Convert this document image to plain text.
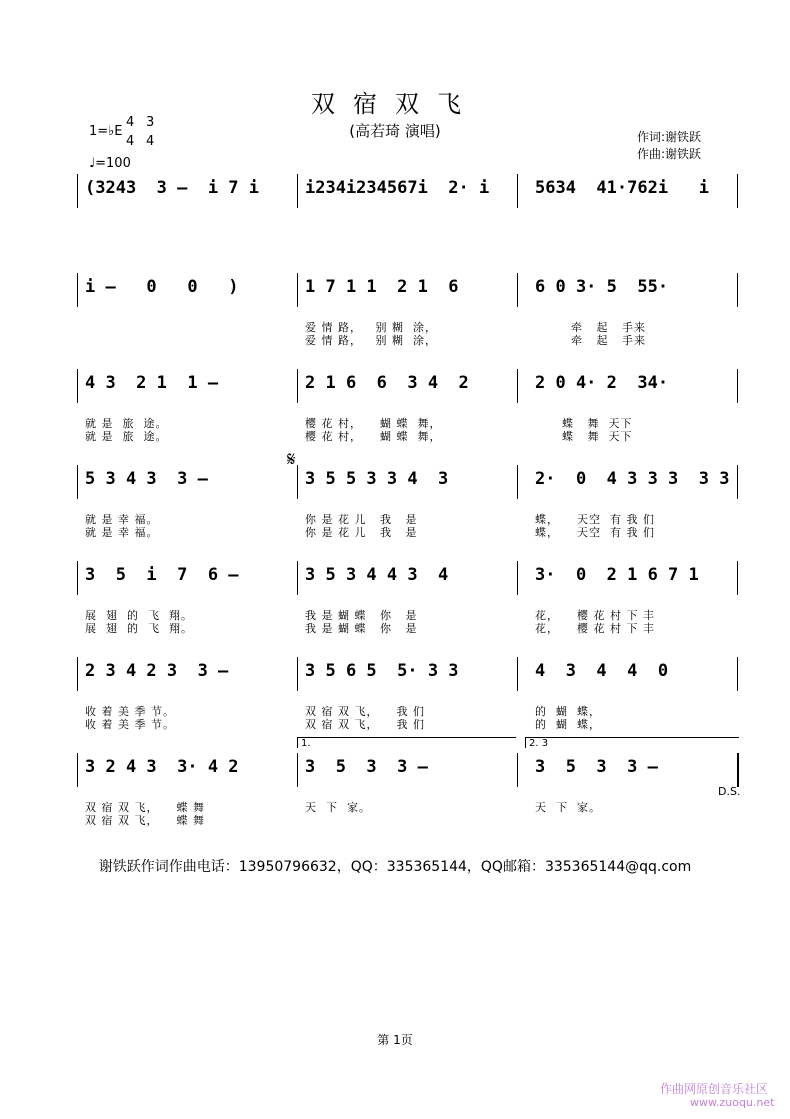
双宿双飞
(高若琦 演唱)	作词:谢铁跃
作曲:谢铁跃
1=♭E
4
4
3
4
♩=100
(3243  3 –  i 7 i	i234i234567i  2· i	5634  41·762i   i
i –   0   0   )	1 7 1 1  2 1  6	6 0 3· 5  55·
爱 情 路，   别 糊  涂，	牵   起   手来
爱 情 路，   别 糊  涂，	牵   起   手来
4 3  2 1  1 –	2 1 6  6  3 4  2	2 0 4· 2  34·
就 是  旅  途。	樱 花 村，    蝴 蝶  舞，	蝶   舞  天下
就 是  旅  途。	樱 花 村，    蝴 蝶  舞，	蝶   舞  天下
5 3 4 3  3 –	3 5 5 3 3 4  3	2·  0  4 3 3 3  3 3
就 是 幸 福。	你 是 花 儿   我   是	蝶，    天空  有 我 们
就 是 幸 福。	你 是 花 儿   我   是	蝶，    天空  有 我 们
3  5  i  7  6 –	3 5 3 4 4 3  4	3·  0  2 1 6 7 1
展  翅  的  飞  翔。	我 是 蝴 蝶   你   是	花，    樱 花 村 下 丰
展  翅  的  飞  翔。	我 是 蝴 蝶   你   是	花，    樱 花 村 下 丰
2 3 4 2 3  3 –	3 5 6 5  5· 3 3	4  3  4  4  0
收 着 美 季 节。	双 宿 双 飞，    我 们	的  蝴  蝶，
收 着 美 季 节。	双 宿 双 飞，    我 们	的  蝴  蝶，
3 2 4 3  3· 4 2	3  5  3  3 –	3  5  3  3 –
双 宿 双 飞，    蝶 舞	天  下  家。	天  下  家。
双 宿 双 飞，    蝶 舞
𝄋
1.	2. 3
D.S.
谢铁跃作词作曲电话：13950796632，QQ：335365144，QQ邮箱：335365144@qq.com
第 1页
作曲网原创音乐社区
www.zuoqu.net
